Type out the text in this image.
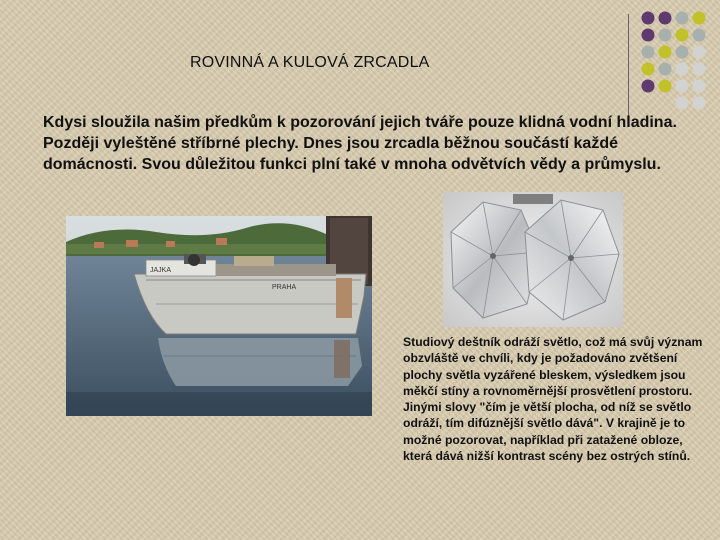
ROVINNÁ A KULOVÁ ZRCADLA
Kdysi sloužila našim předkům k pozorování jejich tváře pouze klidná vodní hladina. Později vyleštěné stříbrné plechy. Dnes jsou zrcadla běžnou součástí každé domácnosti. Svou důležitou funkci plní také v mnoha odvětvích vědy a průmyslu.
PRAHA
JAJKA
Studiový deštník odráží světlo, což má svůj význam obzvláště ve chvíli, kdy je požadováno zvětšení plochy světla vyzářené bleskem, výsledkem jsou měkčí stíny a rovnoměrnější prosvětlení prostoru. Jinými slovy "čím je větší plocha, od níž se světlo odráží, tím difúznější světlo dává". V krajině je to možné pozorovat, například při zatažené obloze, která dává nižší kontrast scény bez ostrých stínů.
